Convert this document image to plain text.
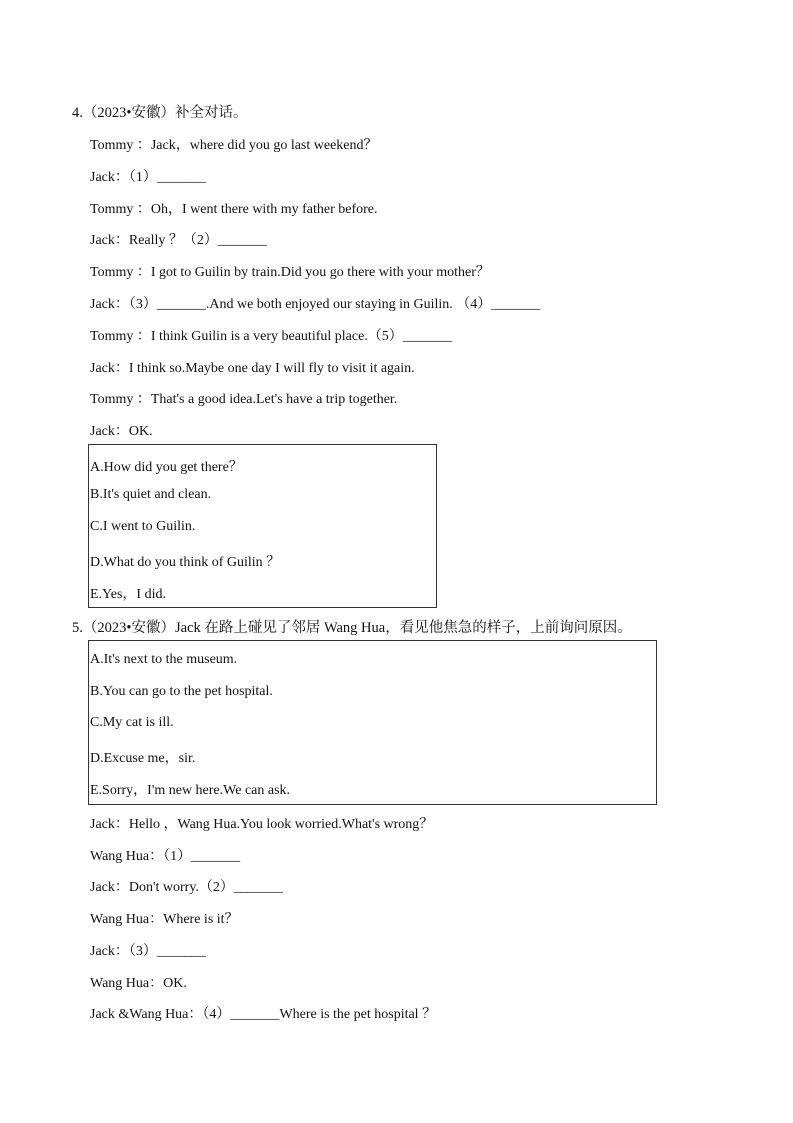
4.（2023•安徽）补全对话。
Tommy ：Jack，where did you go last weekend？
Jack：（1）_______
Tommy ：Oh，I went there with my father before.
Jack：Really ？（2）_______
Tommy ：I got to Guilin by train.Did you go there with your mother？
Jack：（3）_______.And we both enjoyed our staying in Guilin. （4）_______
Tommy ：I think Guilin is a very beautiful place.（5）_______
Jack：I think so.Maybe one day I will fly to visit it again.
Tommy ：That's a good idea.Let's have a trip together.
Jack：OK.
A.How did you get there？
B.It's quiet and clean.
C.I went to Guilin.
D.What do you think of Guilin ？
E.Yes，I did.
5.（2023•安徽）Jack 在路上碰见了邻居 Wang Hua，看见他焦急的样子，上前询问原因。
A.It's next to the museum.
B.You can go to the pet hospital.
C.My cat is ill.
D.Excuse me，sir.
E.Sorry，I'm new here.We can ask.
Jack：Hello ，Wang Hua.You look worried.What's wrong？
Wang Hua：（1）_______
Jack：Don't worry.（2）_______
Wang Hua：Where is it？
Jack：（3）_______
Wang Hua：OK.
Jack &Wang Hua：（4）_______Where is the pet hospital ？
